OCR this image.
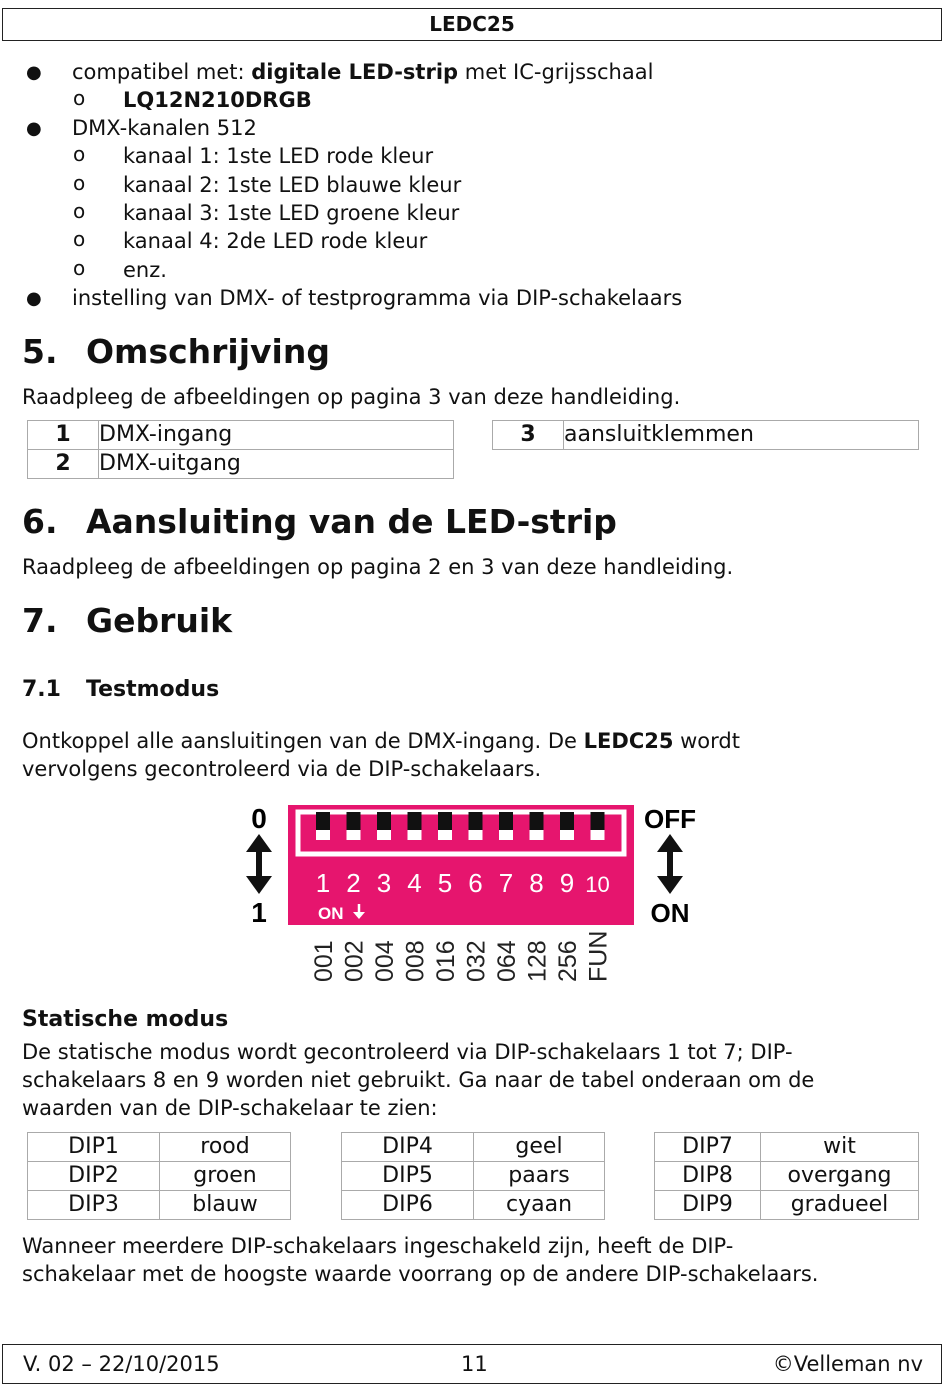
LEDC25
● compatibel met: digitale LED-strip met IC-grijsschaal
o LQ12N210DRGB
● DMX-kanalen 512
o kanaal 1: 1ste LED rode kleur
o kanaal 2: 1ste LED blauwe kleur
o kanaal 3: 1ste LED groene kleur
o kanaal 4: 2de LED rode kleur
o enz.
● instelling van DMX- of testprogramma via DIP-schakelaars
5. Omschrijving
Raadpleeg de afbeeldingen op pagina 3 van deze handleiding.
1	DMX-ingang
2	DMX-uitgang
3	aansluitklemmen
6. Aansluiting van de LED-strip
Raadpleeg de afbeeldingen op pagina 2 en 3 van deze handleiding.
7. Gebruik
7.1 Testmodus
Ontkoppel alle aansluitingen van de DMX-ingang. De LEDC25 wordt
vervolgens gecontroleerd via de DIP-schakelaars.
0
1
1 2 3 4 5 6 7 8 9 10
ON
OFF
ON
001 002 004 008 016 032 064 128 256 FUN
Statische modus
De statische modus wordt gecontroleerd via DIP-schakelaars 1 tot 7; DIP-
schakelaars 8 en 9 worden niet gebruikt. Ga naar de tabel onderaan om de
waarden van de DIP-schakelaar te zien:
DIP1	rood
DIP2	groen
DIP3	blauw
DIP4	geel
DIP5	paars
DIP6	cyaan
DIP7	wit
DIP8	overgang
DIP9	gradueel
Wanneer meerdere DIP-schakelaars ingeschakeld zijn, heeft de DIP-
schakelaar met de hoogste waarde voorrang op de andere DIP-schakelaars.
V. 02 – 22/10/2015	11	©Velleman nv
